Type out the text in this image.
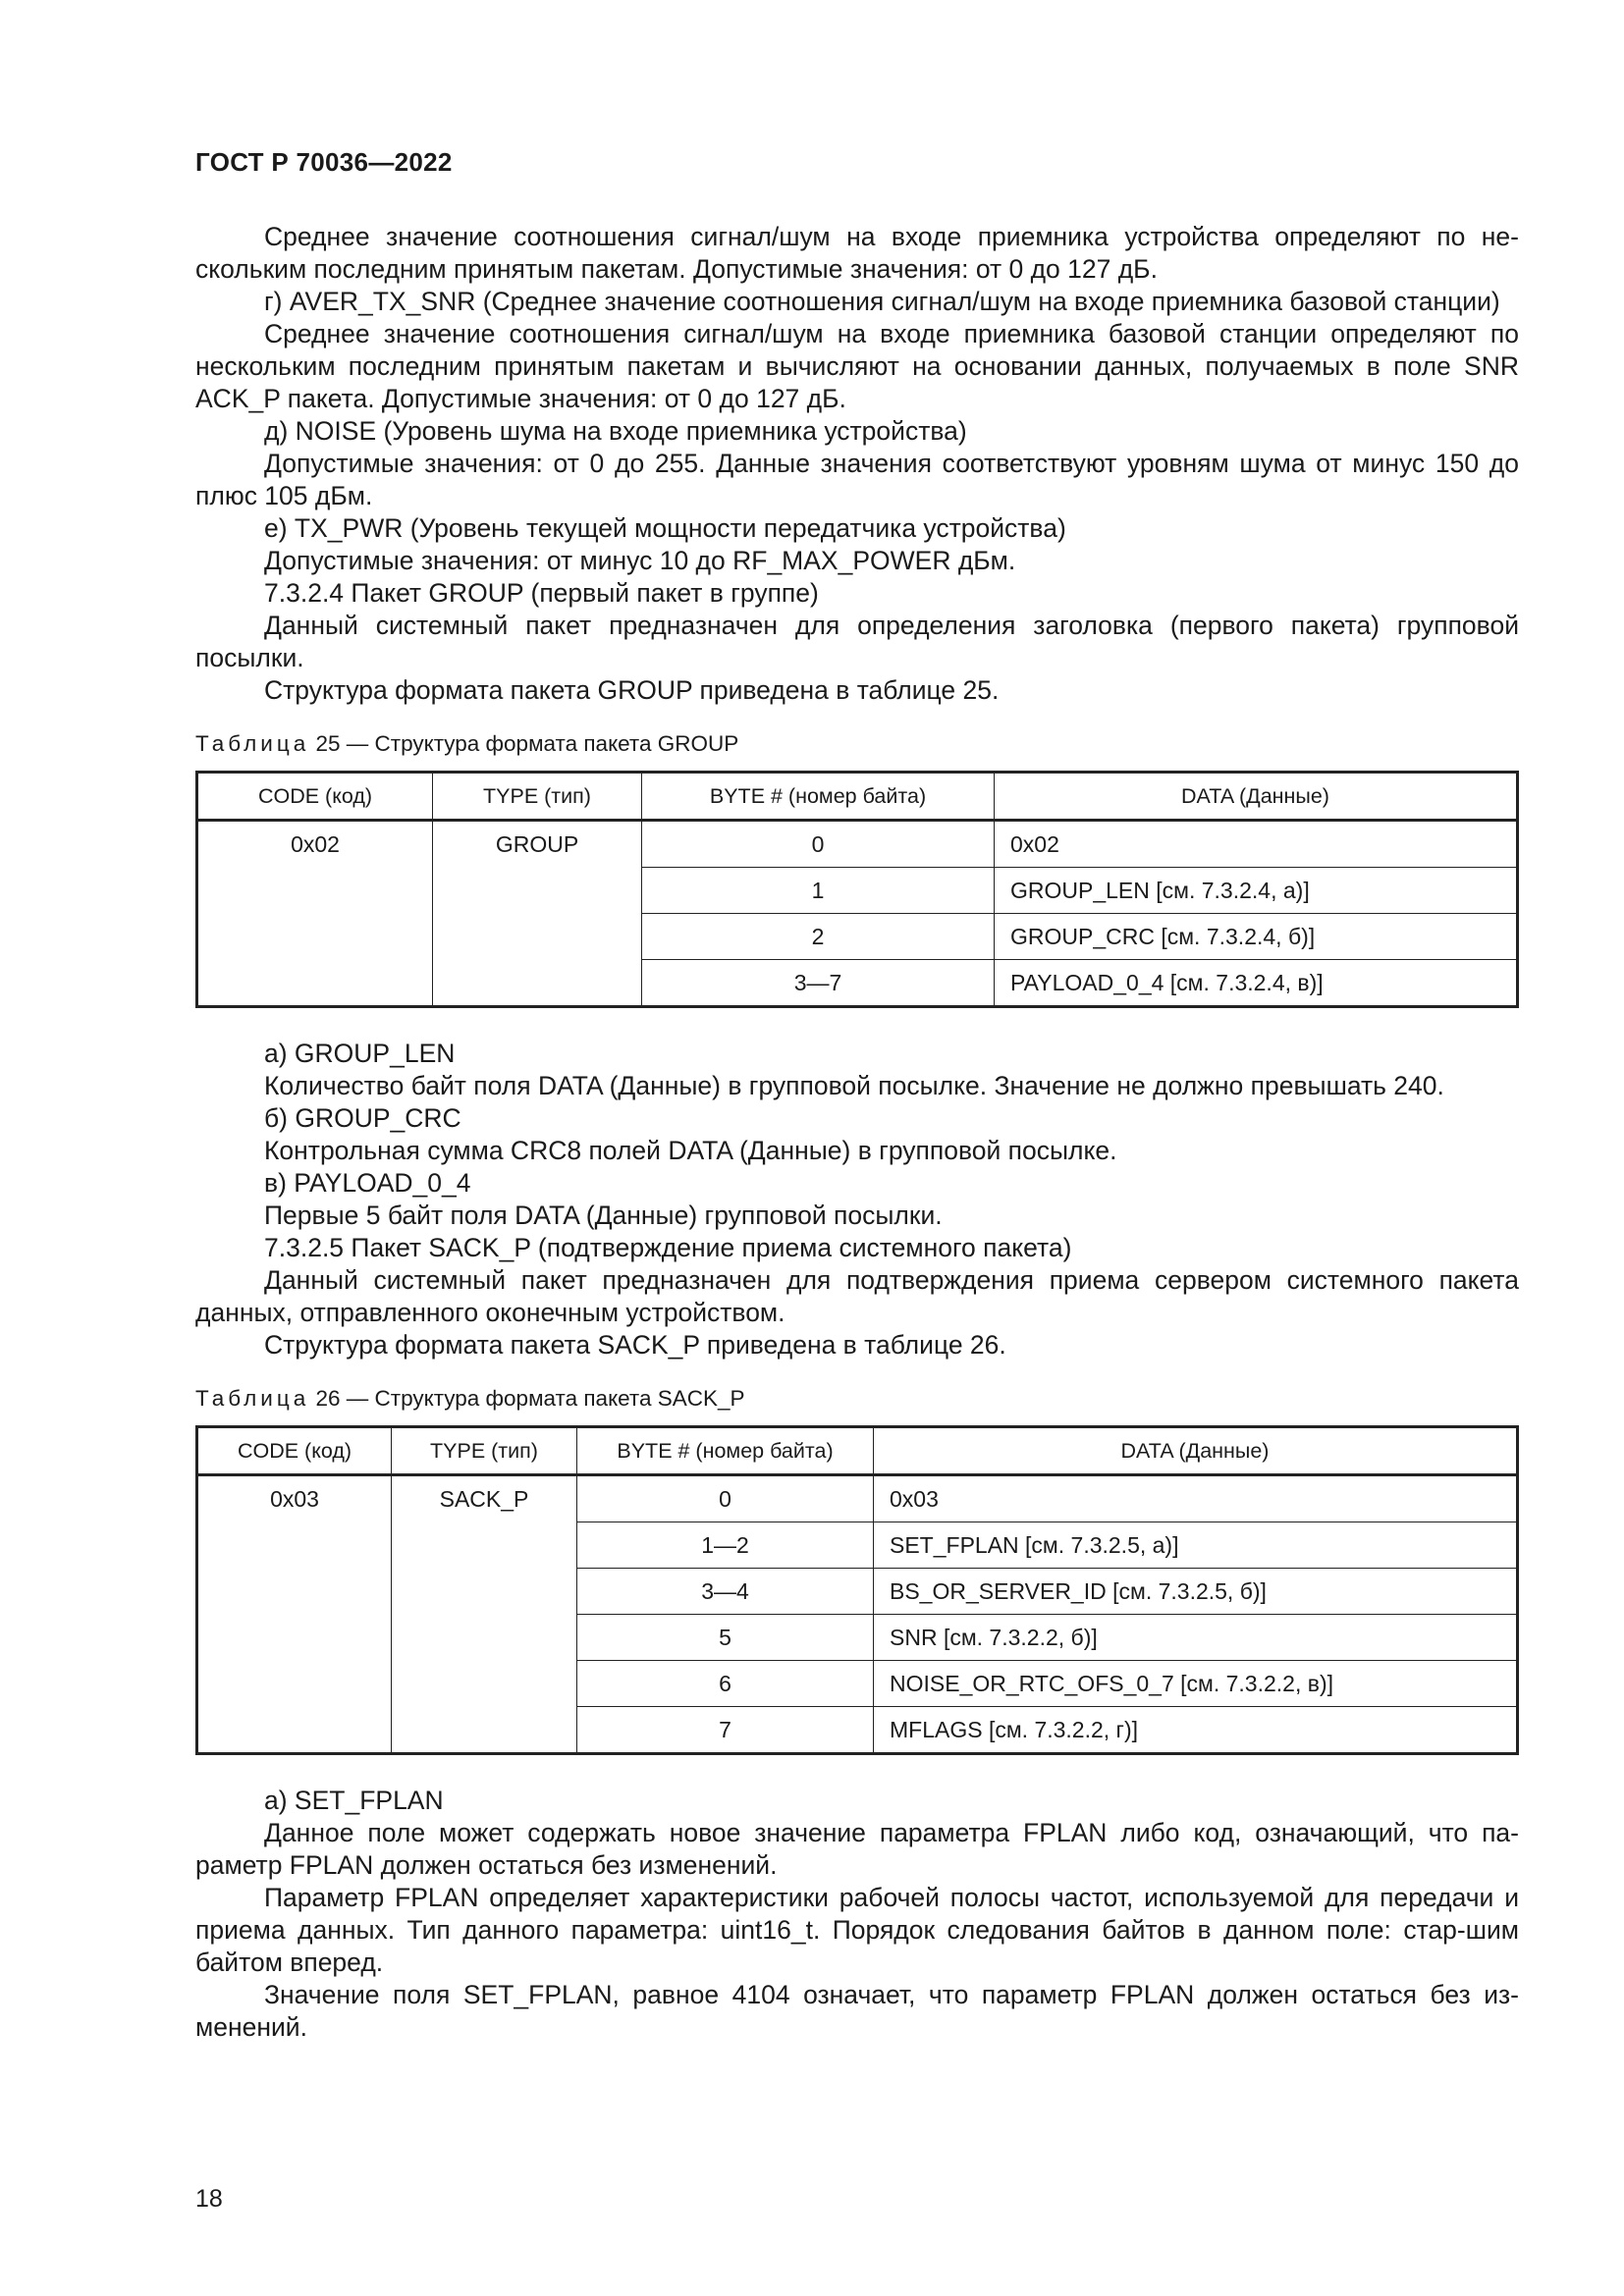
ГОСТ Р 70036—2022

Среднее значение соотношения сигнал/шум на входе приемника устройства определяют по не-скольким последним принятым пакетам. Допустимые значения: от 0 до 127 дБ.

г) AVER_TX_SNR (Среднее значение соотношения сигнал/шум на входе приемника базовой станции)

Среднее значение соотношения сигнал/шум на входе приемника базовой станции определяют по нескольким последним принятым пакетам и вычисляют на основании данных, получаемых в поле SNR ACK_P пакета. Допустимые значения: от 0 до 127 дБ.

д) NOISE (Уровень шума на входе приемника устройства)

Допустимые значения: от 0 до 255. Данные значения соответствуют уровням шума от минус 150 до плюс 105 дБм.

е) TX_PWR (Уровень текущей мощности передатчика устройства)

Допустимые значения: от минус 10 до RF_MAX_POWER дБм.

7.3.2.4 Пакет GROUP (первый пакет в группе)

Данный системный пакет предназначен для определения заголовка (первого пакета) групповой посылки.

Структура формата пакета GROUP приведена в таблице 25.

Таблица 25 — Структура формата пакета GROUP
CODE (код)	TYPE (тип)	BYTE # (номер байта)	DATA (Данные)
0x02	GROUP	0	0x02
		1	GROUP_LEN [см. 7.3.2.4, а)]
		2	GROUP_CRC [см. 7.3.2.4, б)]
		3—7	PAYLOAD_0_4 [см. 7.3.2.4, в)]

а) GROUP_LEN

Количество байт поля DATA (Данные) в групповой посылке. Значение не должно превышать 240.

б) GROUP_CRC

Контрольная сумма CRC8 полей DATA (Данные) в групповой посылке.

в) PAYLOAD_0_4

Первые 5 байт поля DATA (Данные) групповой посылки.

7.3.2.5 Пакет SACK_P (подтверждение приема системного пакета)

Данный системный пакет предназначен для подтверждения приема сервером системного пакета данных, отправленного оконечным устройством.

Структура формата пакета SACK_P приведена в таблице 26.

Таблица 26 — Структура формата пакета SACK_P
CODE (код)	TYPE (тип)	BYTE # (номер байта)	DATA (Данные)
0x03	SACK_P	0	0x03
		1—2	SET_FPLAN [см. 7.3.2.5, а)]
		3—4	BS_OR_SERVER_ID [см. 7.3.2.5, б)]
		5	SNR [см. 7.3.2.2, б)]
		6	NOISE_OR_RTC_OFS_0_7 [см. 7.3.2.2, в)]
		7	MFLAGS [см. 7.3.2.2, г)]

а) SET_FPLAN

Данное поле может содержать новое значение параметра FPLAN либо код, означающий, что па-раметр FPLAN должен остаться без изменений.

Параметр FPLAN определяет характеристики рабочей полосы частот, используемой для передачи и приема данных. Тип данного параметра: uint16_t. Порядок следования байтов в данном поле: стар-шим байтом вперед.

Значение поля SET_FPLAN, равное 4104 означает, что параметр FPLAN должен остаться без из-менений.

18
